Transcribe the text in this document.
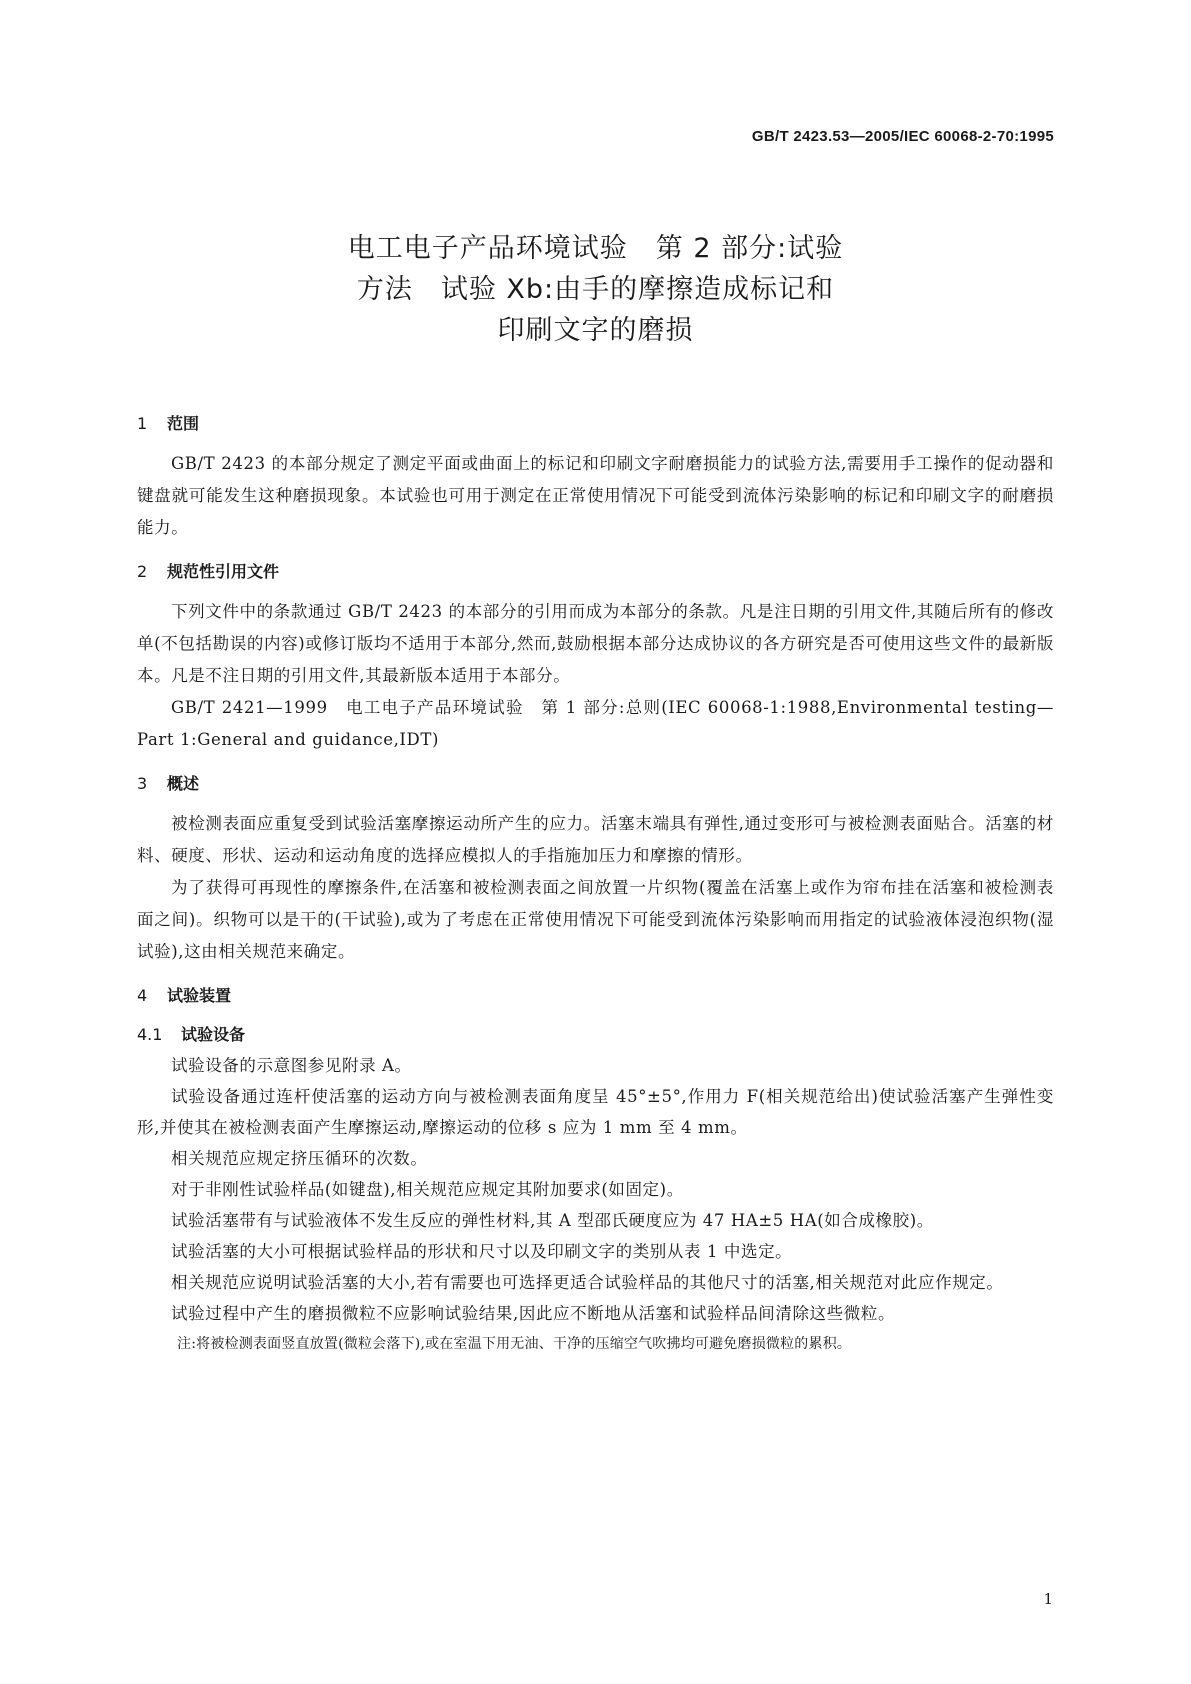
GB/T 2423.53—2005/IEC 60068-2-70:1995
电工电子产品环境试验　第 2 部分:试验
方法　试验 Xb:由手的摩擦造成标记和
印刷文字的磨损
1 范围

GB/T 2423 的本部分规定了测定平面或曲面上的标记和印刷文字耐磨损能力的试验方法,需要用手工操作的促动器和键盘就可能发生这种磨损现象。本试验也可用于测定在正常使用情况下可能受到流体污染影响的标记和印刷文字的耐磨损能力。

2 规范性引用文件

下列文件中的条款通过 GB/T 2423 的本部分的引用而成为本部分的条款。凡是注日期的引用文件,其随后所有的修改单(不包括勘误的内容)或修订版均不适用于本部分,然而,鼓励根据本部分达成协议的各方研究是否可使用这些文件的最新版本。凡是不注日期的引用文件,其最新版本适用于本部分。

GB/T 2421—1999　电工电子产品环境试验　第 1 部分:总则(IEC 60068-1:1988,Environmental testing—Part 1:General and guidance,IDT)

3 概述

被检测表面应重复受到试验活塞摩擦运动所产生的应力。活塞末端具有弹性,通过变形可与被检测表面贴合。活塞的材料、硬度、形状、运动和运动角度的选择应模拟人的手指施加压力和摩擦的情形。

为了获得可再现性的摩擦条件,在活塞和被检测表面之间放置一片织物(覆盖在活塞上或作为帘布挂在活塞和被检测表面之间)。织物可以是干的(干试验),或为了考虑在正常使用情况下可能受到流体污染影响而用指定的试验液体浸泡织物(湿试验),这由相关规范来确定。

4 试验装置
4.1 试验设备

试验设备的示意图参见附录 A。

试验设备通过连杆使活塞的运动方向与被检测表面角度呈 45°±5°,作用力 F(相关规范给出)使试验活塞产生弹性变形,并使其在被检测表面产生摩擦运动,摩擦运动的位移 s 应为 1 mm 至 4 mm。

相关规范应规定挤压循环的次数。

对于非刚性试验样品(如键盘),相关规范应规定其附加要求(如固定)。

试验活塞带有与试验液体不发生反应的弹性材料,其 A 型邵氏硬度应为 47 HA±5 HA(如合成橡胶)。

试验活塞的大小可根据试验样品的形状和尺寸以及印刷文字的类别从表 1 中选定。

相关规范应说明试验活塞的大小,若有需要也可选择更适合试验样品的其他尺寸的活塞,相关规范对此应作规定。

试验过程中产生的磨损微粒不应影响试验结果,因此应不断地从活塞和试验样品间清除这些微粒。

注:将被检测表面竖直放置(微粒会落下),或在室温下用无油、干净的压缩空气吹拂均可避免磨损微粒的累积。
1
